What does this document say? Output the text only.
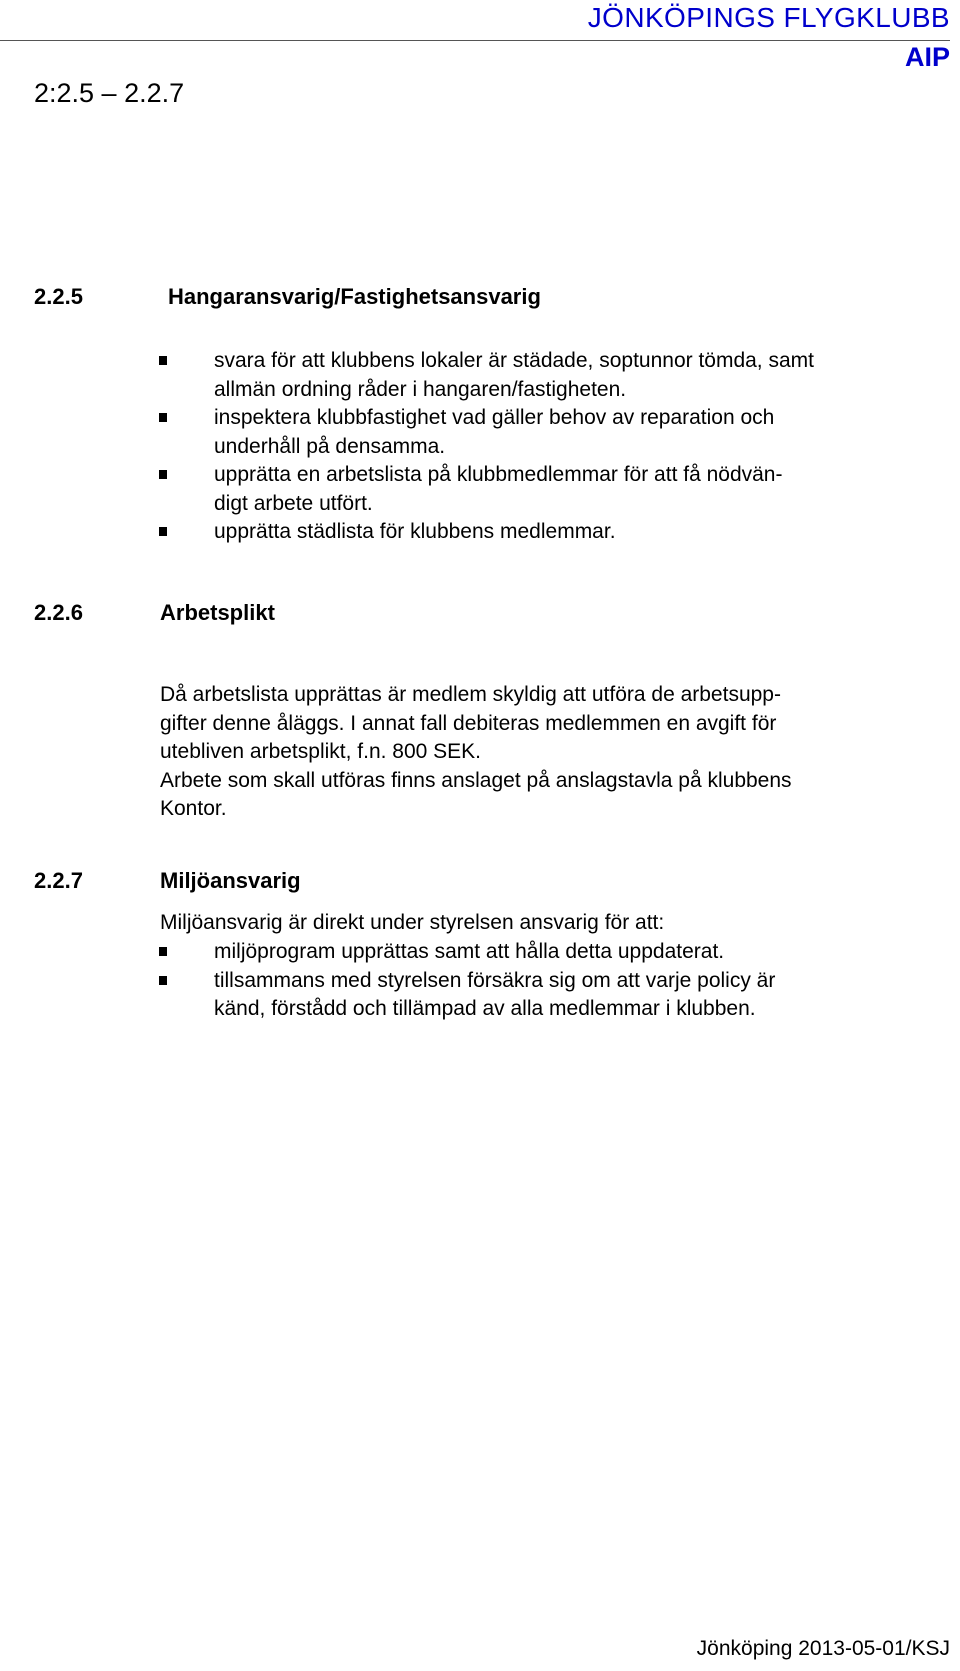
JÖNKÖPINGS FLYGKLUBB
AIP
2:2.5 – 2.2.7
2.2.5	Hangaransvarig/Fastighetsansvarig
svara för att klubbens lokaler är städade, soptunnor tömda, samt
allmän ordning råder i hangaren/fastigheten.
inspektera klubbfastighet vad gäller behov av reparation och
underhåll på densamma.
upprätta en arbetslista på klubbmedlemmar för att få nödvän-
digt arbete utfört.
upprätta städlista för klubbens medlemmar.
2.2.6	Arbetsplikt
Då arbetslista upprättas är medlem skyldig att utföra de arbetsupp-
gifter denne åläggs. I annat fall debiteras medlemmen en avgift för
utebliven arbetsplikt, f.n. 800 SEK.
Arbete som skall utföras finns anslaget på anslagstavla på klubbens
Kontor.
2.2.7	Miljöansvarig
Miljöansvarig är direkt under styrelsen ansvarig för att:
miljöprogram upprättas samt att hålla detta uppdaterat.
tillsammans med styrelsen försäkra sig om att varje policy är
känd, förstådd och tillämpad av alla medlemmar i klubben.
Jönköping 2013-05-01/KSJ
